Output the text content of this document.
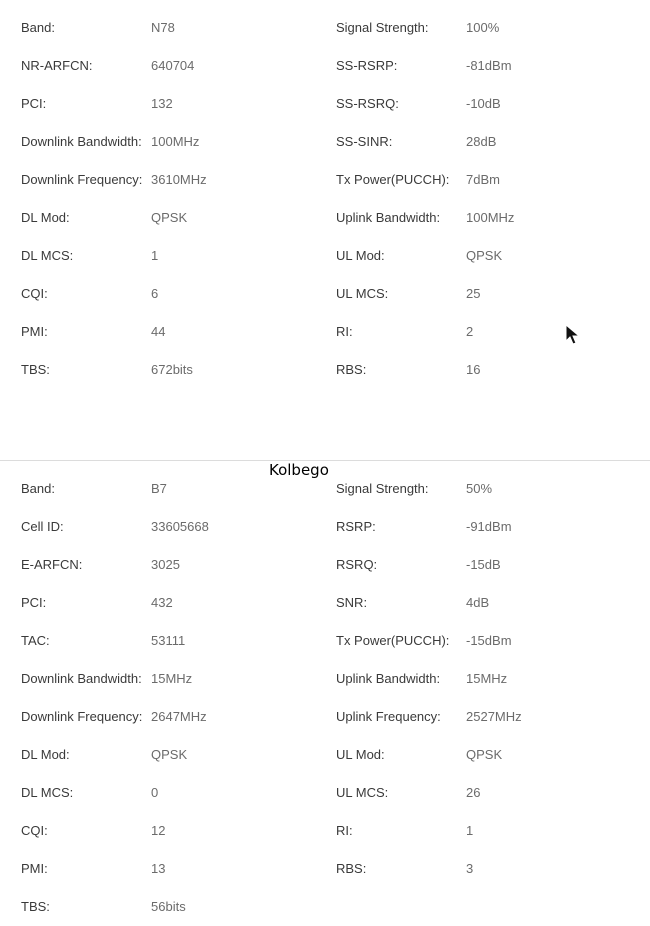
Band:	N78	Signal Strength:	100%
NR-ARFCN:	640704	SS-RSRP:	-81dBm
PCI:	132	SS-RSRQ:	-10dB
Downlink Bandwidth: 100MHz	SS-SINR:	28dB
Downlink Frequency: 3610MHz	Tx Power(PUCCH): 7dBm
DL Mod:	QPSK	Uplink Bandwidth: 100MHz
DL MCS:	1	UL Mod:	QPSK
CQI:	6	UL MCS:	25
PMI:	44	RI:	2
TBS:	672bits	RBS:	16
Kolbego
Band:	B7	Signal Strength:	50%
Cell ID:	33605668	RSRP:	-91dBm
E-ARFCN:	3025	RSRQ:	-15dB
PCI:	432	SNR:	4dB
TAC:	53111	Tx Power(PUCCH): -15dBm
Downlink Bandwidth: 15MHz	Uplink Bandwidth: 15MHz
Downlink Frequency: 2647MHz	Uplink Frequency: 2527MHz
DL Mod:	QPSK	UL Mod:	QPSK
DL MCS:	0	UL MCS:	26
CQI:	12	RI:	1
PMI:	13	RBS:	3
TBS:	56bits
